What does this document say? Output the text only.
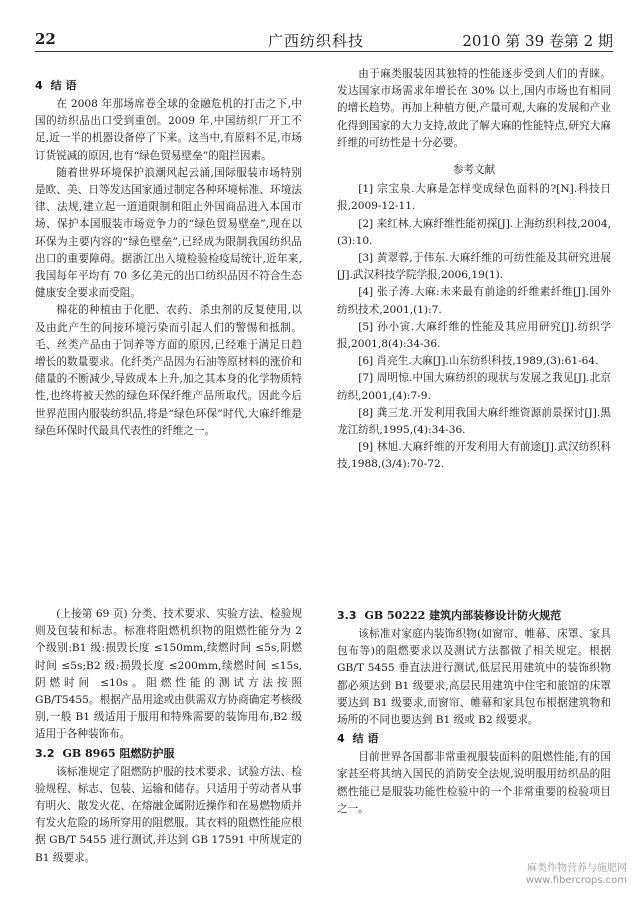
22	广西纺织科技	2010 第 39 卷第 2 期
4 结 语

在 2008 年那场席卷全球的金融危机的打击之下,中国的纺织品出口受到重创。2009 年,中国纺织厂开工不足,近一半的机器设备停了下来。这当中,有原料不足,市场订货锐减的原因,也有“绿色贸易壁垒”的阻拦因素。

随着世界环境保护浪潮风起云涌,国际服装市场特别是欧、美、日等发达国家通过制定各种环境标准、环境法律、法规,建立起一道道限制和阻止外国商品进入本国市场、保护本国服装市场竞争力的“绿色贸易壁垒”,现在以环保为主要内容的“绿色壁垒”,已经成为限制我国纺织品出口的重要障碍。据浙江出入境检验检疫局统计,近年来,我国每年平均有 70 多亿美元的出口纺织品因不符合生态健康安全要求而受阻。

棉花的种植由于化肥、农药、杀虫剂的反复使用,以及由此产生的间接环境污染而引起人们的警惕和抵制。毛、丝类产品由于饲养等方面的原因,已经难于满足日趋增长的数量要求。化纤类产品因为石油等原材料的涨价和储量的不断减少,导致成本上升,加之其本身的化学物质特性,也终将被天然的绿色环保纤维产品所取代。因此今后世界范围内服装纺织品,将是“绿色环保”时代,大麻纤维是绿色环保时代最具代表性的纤维之一。

由于麻类服装因其独特的性能逐步受到人们的青睐。发达国家市场需求年增长在 30% 以上,国内市场也有相同的增长趋势。再加上种植方便,产量可观,大麻的发展和产业化得到国家的大力支持,故此了解大麻的性能特点,研究大麻纤维的可纺性是十分必要。

参考文献

[1] 宗宝泉.大麻是怎样变成绿色面料的?[N].科技日报,2009-12-11.

[2] 来红林.大麻纤维性能初探[J].上海纺织科技,2004,(3):10.

[3] 黄翠蓉,于伟东.大麻纤维的可纺性能及其研究进展[J].武汉科技学院学报,2006,19(1).

[4] 张子涛.大麻:未来最有前途的纤维素纤维[J].国外纺织技术,2001,(1):7.

[5] 孙小寅.大麻纤维的性能及其应用研究[J].纺织学报,2001,8(4):34-36.

[6] 肖亮生.大麻[J].山东纺织科技,1989,(3):61-64.

[7] 周明惊.中国大麻纺织的现状与发展之我见[J].北京纺织,2001,(4):7-9.

[8] 龚三龙.开发利用我国大麻纤维资源前景探讨[J].黑龙江纺织,1995,(4):34-36.

[9] 林旭.大麻纤维的开发利用大有前途[J].武汉纺织科技,1988,(3/4):70-72.

(上接第 69 页) 分类、技术要求、实验方法、检验规则及包装和标志。标准将阻燃机织物的阻燃性能分为 2 个级别:B1 级:损毁长度 ≤150mm,续燃时间 ≤5s,阴燃时间 ≤5s;B2 级:损毁长度 ≤200mm,续燃时间 ≤15s,阴燃时间 ≤10s。阻燃性能的测试方法按照 GB/T5455。根据产品用途或由供需双方协商确定考核级别,一般 B1 级适用于服用和特殊需要的装饰用布,B2 级适用于各种装饰布。

3.2 GB 8965 阻燃防护服

该标准规定了阻燃防护服的技术要求、试验方法、检验规程、标志、包装、运输和储存。只适用于劳动者从事有明火、散发火花、在熔融金属附近操作和在易燃物质并有发火危险的场所穿用的阻燃服。其衣料的阻燃性能应根据 GB/T 5455 进行测试,并达到 GB 17591 中所规定的 B1 级要求。

3.3 GB 50222 建筑内部装修设计防火规范

该标准对家庭内装饰织物(如窗帘、帷幕、床罩、家具包布等)的阻燃要求以及测试方法都做了相关规定。根据 GB/T 5455 垂直法进行测试,低层民用建筑中的装饰织物都必须达到 B1 级要求,高层民用建筑中住宅和旅馆的床罩要达到 B1 级要求,而窗帘、帷幕和家具包布根据建筑物和场所的不同也要达到 B1 级或 B2 级要求。

4 结 语

目前世界各国都非常重视服装面料的阻燃性能,有的国家甚至将其纳入国民的消防安全法规,说明服用纺织品的阻燃性能已是服装功能性检验中的一个非常重要的检验项目之一。

麻类作物营养与施肥网
www.fibercrops.com
